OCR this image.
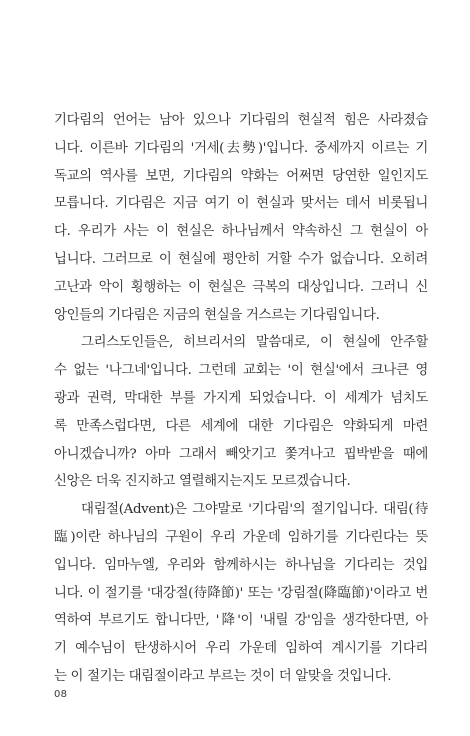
기다림의 언어는 남아 있으나 기다림의 현실적 힘은 사라졌습
니다. 이른바 기다림의 '거세(去勢)'입니다. 중세까지 이르는 기
독교의 역사를 보면, 기다림의 약화는 어쩌면 당연한 일인지도
모릅니다. 기다림은 지금 여기 이 현실과 맞서는 데서 비롯됩니
다. 우리가 사는 이 현실은 하나님께서 약속하신 그 현실이 아
닙니다. 그러므로 이 현실에 평안히 거할 수가 없습니다. 오히려
고난과 악이 횡행하는 이 현실은 극복의 대상입니다. 그러니 신
앙인들의 기다림은 지금의 현실을 거스르는 기다림입니다.
그리스도인들은, 히브리서의 말씀대로, 이 현실에 안주할
수 없는 '나그네'입니다. 그런데 교회는 '이 현실'에서 크나큰 영
광과 권력, 막대한 부를 가지게 되었습니다. 이 세계가 넘치도
록 만족스럽다면, 다른 세계에 대한 기다림은 약화되게 마련
아니겠습니까? 아마 그래서 빼앗기고 쫓겨나고 핍박받을 때에
신앙은 더욱 진지하고 열렬해지는지도 모르겠습니다.
대림절(Advent)은 그야말로 '기다림'의 절기입니다. 대림(待
臨)이란 하나님의 구원이 우리 가운데 임하기를 기다린다는 뜻
입니다. 임마누엘, 우리와 함께하시는 하나님을 기다리는 것입
니다. 이 절기를 '대강절(待降節)' 또는 '강림절(降臨節)'이라고 번
역하여 부르기도 합니다만, '降'이 '내릴 강'임을 생각한다면, 아
기 예수님이 탄생하시어 우리 가운데 임하여 계시기를 기다리
는 이 절기는 대림절이라고 부르는 것이 더 알맞을 것입니다.
08
